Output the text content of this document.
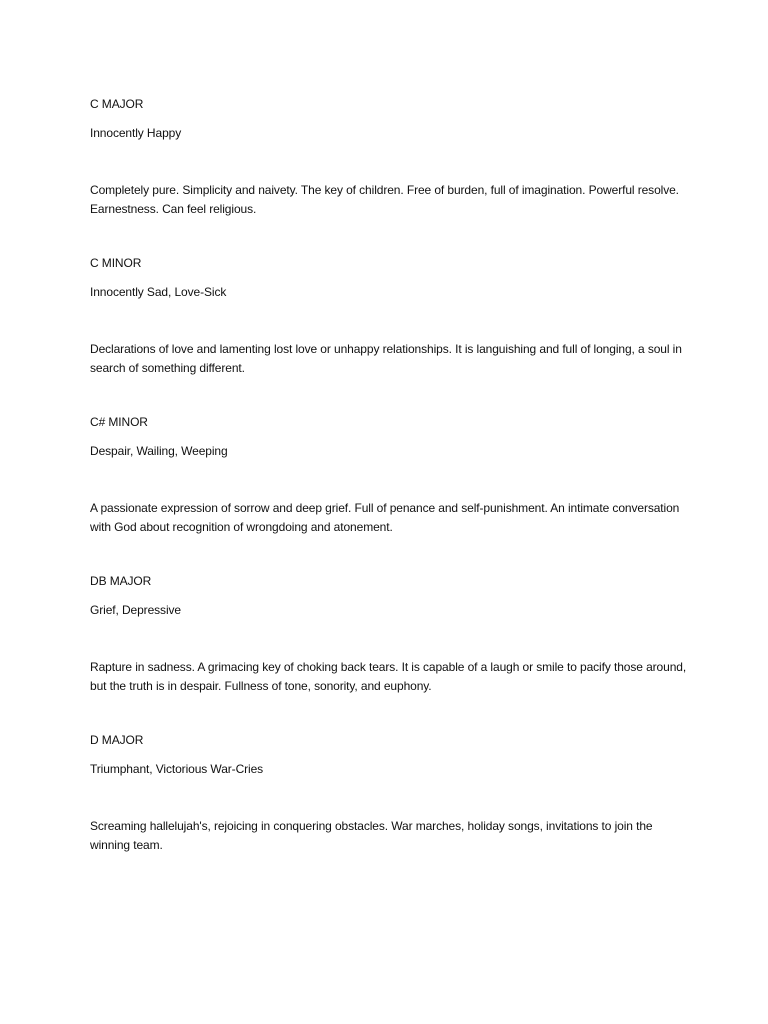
C MAJOR

Innocently Happy

Completely pure. Simplicity and naivety. The key of children. Free of burden, full of imagination. Powerful resolve. Earnestness. Can feel religious.

C MINOR

Innocently Sad, Love-Sick

Declarations of love and lamenting lost love or unhappy relationships. It is languishing and full of longing, a soul in search of something different.

C# MINOR

Despair, Wailing, Weeping

A passionate expression of sorrow and deep grief. Full of penance and self-punishment. An intimate conversation with God about recognition of wrongdoing and atonement.

DB MAJOR

Grief, Depressive

Rapture in sadness. A grimacing key of choking back tears. It is capable of a laugh or smile to pacify those around, but the truth is in despair. Fullness of tone, sonority, and euphony.

D MAJOR

Triumphant, Victorious War-Cries

Screaming hallelujah's, rejoicing in conquering obstacles. War marches, holiday songs, invitations to join the winning team.
